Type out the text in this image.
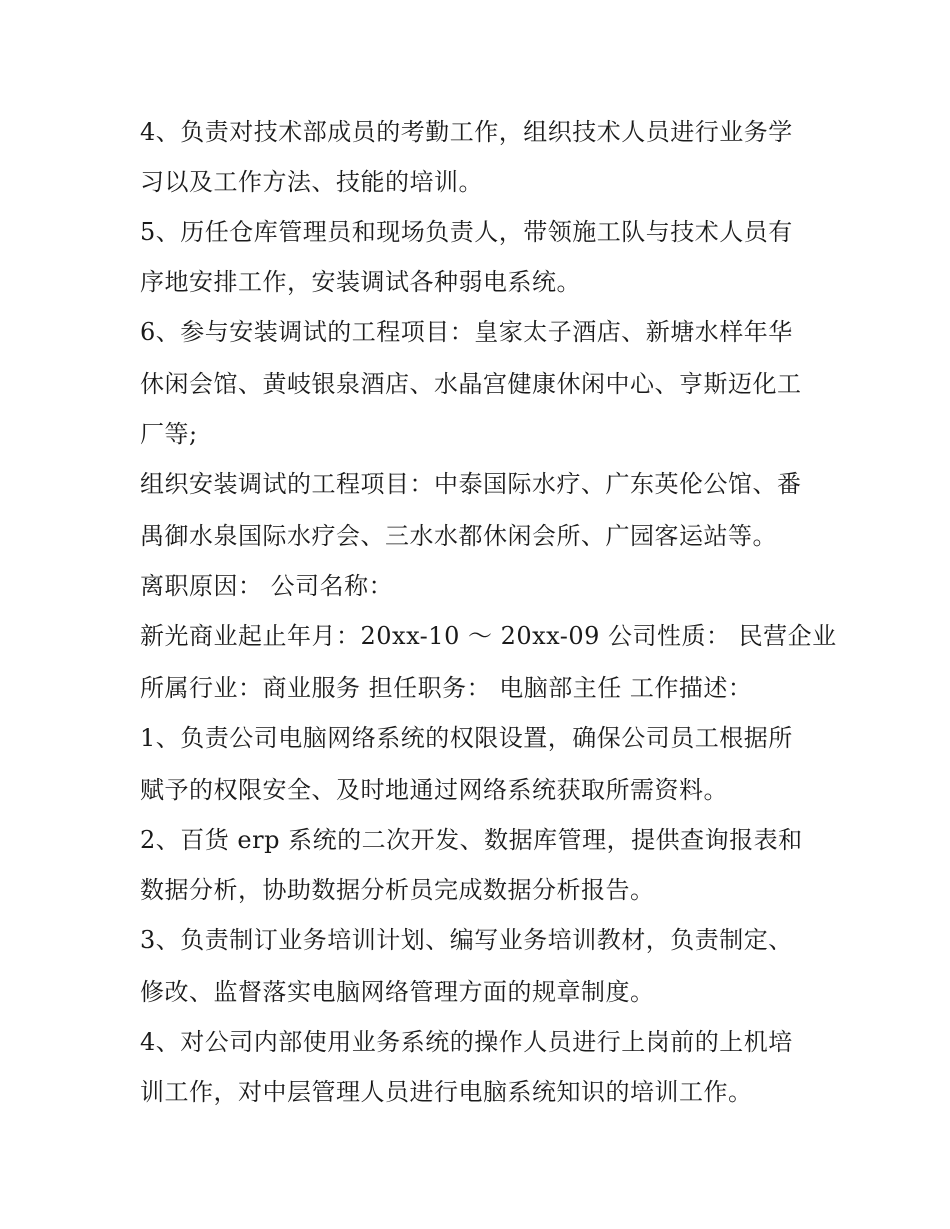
4、负责对技术部成员的考勤工作，组织技术人员进行业务学
习以及工作方法、技能的培训。
5、历任仓库管理员和现场负责人，带领施工队与技术人员有
序地安排工作，安装调试各种弱电系统。
6、参与安装调试的工程项目：皇家太子酒店、新塘水样年华
休闲会馆、黄岐银泉酒店、水晶宫健康休闲中心、亨斯迈化工
厂等;
组织安装调试的工程项目：中泰国际水疗、广东英伦公馆、番
禺御水泉国际水疗会、三水水都休闲会所、广园客运站等。
离职原因： 公司名称：
新光商业起止年月：20xx-10 ～ 20xx-09 公司性质： 民营企业
所属行业：商业服务 担任职务： 电脑部主任 工作描述：
1、负责公司电脑网络系统的权限设置，确保公司员工根据所
赋予的权限安全、及时地通过网络系统获取所需资料。
2、百货 erp 系统的二次开发、数据库管理，提供查询报表和
数据分析，协助数据分析员完成数据分析报告。
3、负责制订业务培训计划、编写业务培训教材，负责制定、
修改、监督落实电脑网络管理方面的规章制度。
4、对公司内部使用业务系统的操作人员进行上岗前的上机培
训工作，对中层管理人员进行电脑系统知识的培训工作。
